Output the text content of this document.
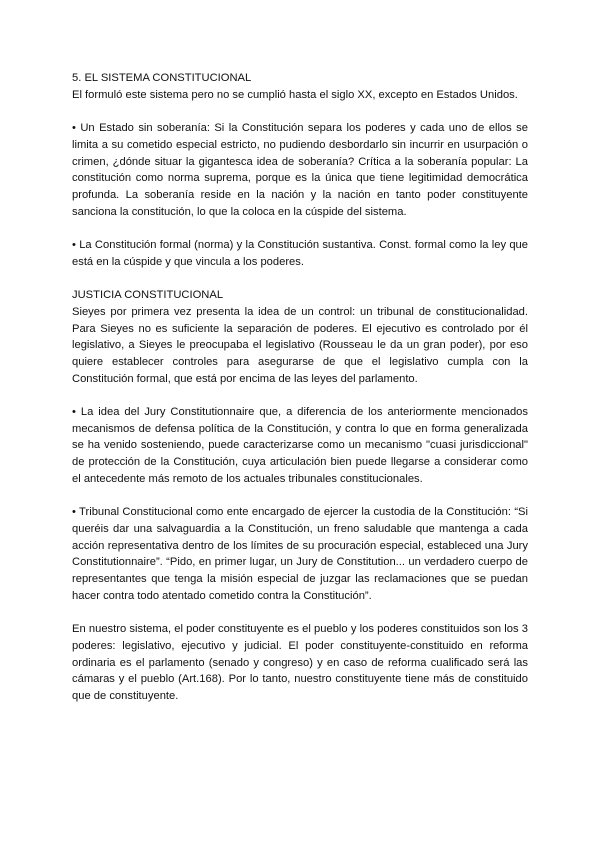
5. EL SISTEMA CONSTITUCIONAL

El formuló este sistema pero no se cumplió hasta el siglo XX, excepto en Estados Unidos.

• Un Estado sin soberanía: Si la Constitución separa los poderes y cada uno de ellos se limita a su cometido especial estricto, no pudiendo desbordarlo sin incurrir en usurpación o crimen, ¿dónde situar la gigantesca idea de soberanía? Crítica a la soberanía popular: La constitución como norma suprema, porque es la única que tiene legitimidad democrática profunda. La soberanía reside en la nación y la nación en tanto poder constituyente sanciona la constitución, lo que la coloca en la cúspide del sistema.

• La Constitución formal (norma) y la Constitución sustantiva. Const. formal como la ley que está en la cúspide y que vincula a los poderes.

JUSTICIA CONSTITUCIONAL

Sieyes por primera vez presenta la idea de un control: un tribunal de constitucionalidad. Para Sieyes no es suficiente la separación de poderes. El ejecutivo es controlado por él legislativo, a Sieyes le preocupaba el legislativo (Rousseau le da un gran poder), por eso quiere establecer controles para asegurarse de que el legislativo cumpla con la Constitución formal, que está por encima de las leyes del parlamento.

• La idea del Jury Constitutionnaire que, a diferencia de los anteriormente mencionados mecanismos de defensa política de la Constitución, y contra lo que en forma generalizada se ha venido sosteniendo, puede caracterizarse como un mecanismo "cuasi jurisdiccional" de protección de la Constitución, cuya articulación bien puede llegarse a considerar como el antecedente más remoto de los actuales tribunales constitucionales.

• Tribunal Constitucional como ente encargado de ejercer la custodia de la Constitución: “Si queréis dar una salvaguardia a la Constitución, un freno saludable que mantenga a cada acción representativa dentro de los límites de su procuración especial, estableced una Jury Constitutionnaire”. “Pido, en primer lugar, un Jury de Constitution... un verdadero cuerpo de representantes que tenga la misión especial de juzgar las reclamaciones que se puedan hacer contra todo atentado cometido contra la Constitución”.

En nuestro sistema, el poder constituyente es el pueblo y los poderes constituidos son los 3 poderes: legislativo, ejecutivo y judicial. El poder constituyente-constituido en reforma ordinaria es el parlamento (senado y congreso) y en caso de reforma cualificado será las cámaras y el pueblo (Art.168). Por lo tanto, nuestro constituyente tiene más de constituido que de constituyente.
